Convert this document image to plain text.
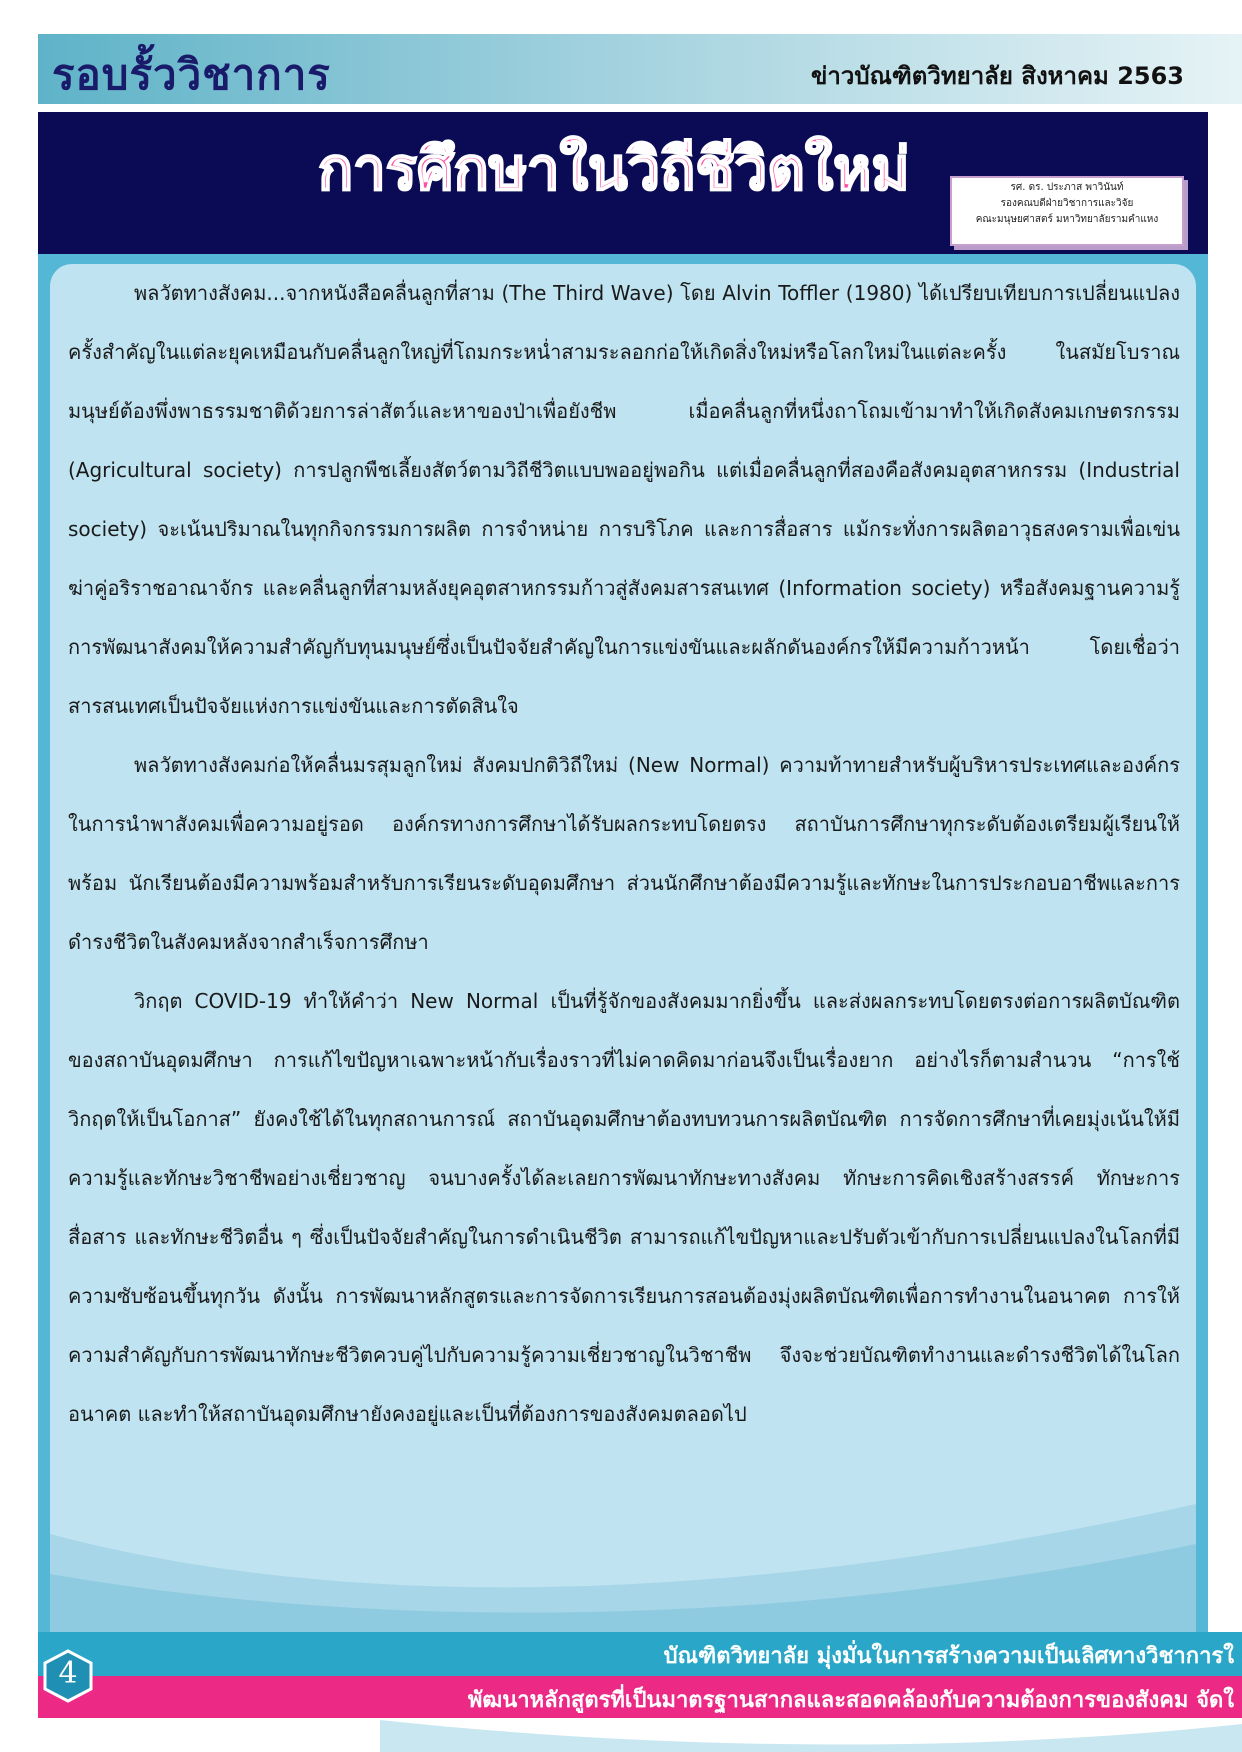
รอบรั้ววิชาการ	ข่าวบัณฑิตวิทยาลัย สิงหาคม 2563
การศึกษาในวิถีชีวิตใหม่	รศ. ดร. ประภาส พาวินันท์
รองคณบดีฝ่ายวิชาการและวิจัย
คณะมนุษยศาสตร์ มหาวิทยาลัยรามคำแหง

พลวัตทางสังคม...จากหนังสือคลื่นลูกที่สาม (The Third Wave) โดย Alvin Toffler (1980) ได้เปรียบเทียบการเปลี่ยนแปลงครั้งสำคัญในแต่ละยุคเหมือนกับคลื่นลูกใหญ่ที่โถมกระหน่ำสามระลอกก่อให้เกิดสิ่งใหม่หรือโลกใหม่ในแต่ละครั้ง ในสมัยโบราณมนุษย์ต้องพึ่งพาธรรมชาติด้วยการล่าสัตว์และหาของป่าเพื่อยังชีพ เมื่อคลื่นลูกที่หนึ่งถาโถมเข้ามาทำให้เกิดสังคมเกษตรกรรม (Agricultural society) การปลูกพืชเลี้ยงสัตว์ตามวิถีชีวิตแบบพออยู่พอกิน แต่เมื่อคลื่นลูกที่สองคือสังคมอุตสาหกรรม (Industrial society) จะเน้นปริมาณในทุกกิจกรรมการผลิต การจำหน่าย การบริโภค และการสื่อสาร แม้กระทั่งการผลิตอาวุธสงครามเพื่อเข่นฆ่าคู่อริราชอาณาจักร และคลื่นลูกที่สามหลังยุคอุตสาหกรรมก้าวสู่สังคมสารสนเทศ (Information society) หรือสังคมฐานความรู้ การพัฒนาสังคมให้ความสำคัญกับทุนมนุษย์ซึ่งเป็นปัจจัยสำคัญในการแข่งขันและผลักดันองค์กรให้มีความก้าวหน้า โดยเชื่อว่าสารสนเทศเป็นปัจจัยแห่งการแข่งขันและการตัดสินใจ

พลวัตทางสังคมก่อให้คลื่นมรสุมลูกใหม่ สังคมปกติวิถีใหม่ (New Normal) ความท้าทายสำหรับผู้บริหารประเทศและองค์กรในการนำพาสังคมเพื่อความอยู่รอด องค์กรทางการศึกษาได้รับผลกระทบโดยตรง สถาบันการศึกษาทุกระดับต้องเตรียมผู้เรียนให้พร้อม นักเรียนต้องมีความพร้อมสำหรับการเรียนระดับอุดมศึกษา ส่วนนักศึกษาต้องมีความรู้และทักษะในการประกอบอาชีพและการดำรงชีวิตในสังคมหลังจากสำเร็จการศึกษา

วิกฤต COVID-19 ทำให้คำว่า New Normal เป็นที่รู้จักของสังคมมากยิ่งขึ้น และส่งผลกระทบโดยตรงต่อการผลิตบัณฑิตของสถาบันอุดมศึกษา การแก้ไขปัญหาเฉพาะหน้ากับเรื่องราวที่ไม่คาดคิดมาก่อนจึงเป็นเรื่องยาก อย่างไรก็ตามสำนวน “การใช้วิกฤตให้เป็นโอกาส” ยังคงใช้ได้ในทุกสถานการณ์ สถาบันอุดมศึกษาต้องทบทวนการผลิตบัณฑิต การจัดการศึกษาที่เคยมุ่งเน้นให้มีความรู้และทักษะวิชาชีพอย่างเชี่ยวชาญ จนบางครั้งได้ละเลยการพัฒนาทักษะทางสังคม ทักษะการคิดเชิงสร้างสรรค์ ทักษะการสื่อสาร และทักษะชีวิตอื่น ๆ ซึ่งเป็นปัจจัยสำคัญในการดำเนินชีวิต สามารถแก้ไขปัญหาและปรับตัวเข้ากับการเปลี่ยนแปลงในโลกที่มีความซับซ้อนขึ้นทุกวัน ดังนั้น การพัฒนาหลักสูตรและการจัดการเรียนการสอนต้องมุ่งผลิตบัณฑิตเพื่อการทำงานในอนาคต การให้ความสำคัญกับการพัฒนาทักษะชีวิตควบคู่ไปกับความรู้ความเชี่ยวชาญในวิชาชีพ จึงจะช่วยบัณฑิตทำงานและดำรงชีวิตได้ในโลกอนาคต และทำให้สถาบันอุดมศึกษายังคงอยู่และเป็นที่ต้องการของสังคมตลอดไป

บัณฑิตวิทยาลัย มุ่งมั่นในการสร้างความเป็นเลิศทางวิชาการใ
พัฒนาหลักสูตรที่เป็นมาตรฐานสากลและสอดคล้องกับความต้องการของสังคม จัดใ
4
